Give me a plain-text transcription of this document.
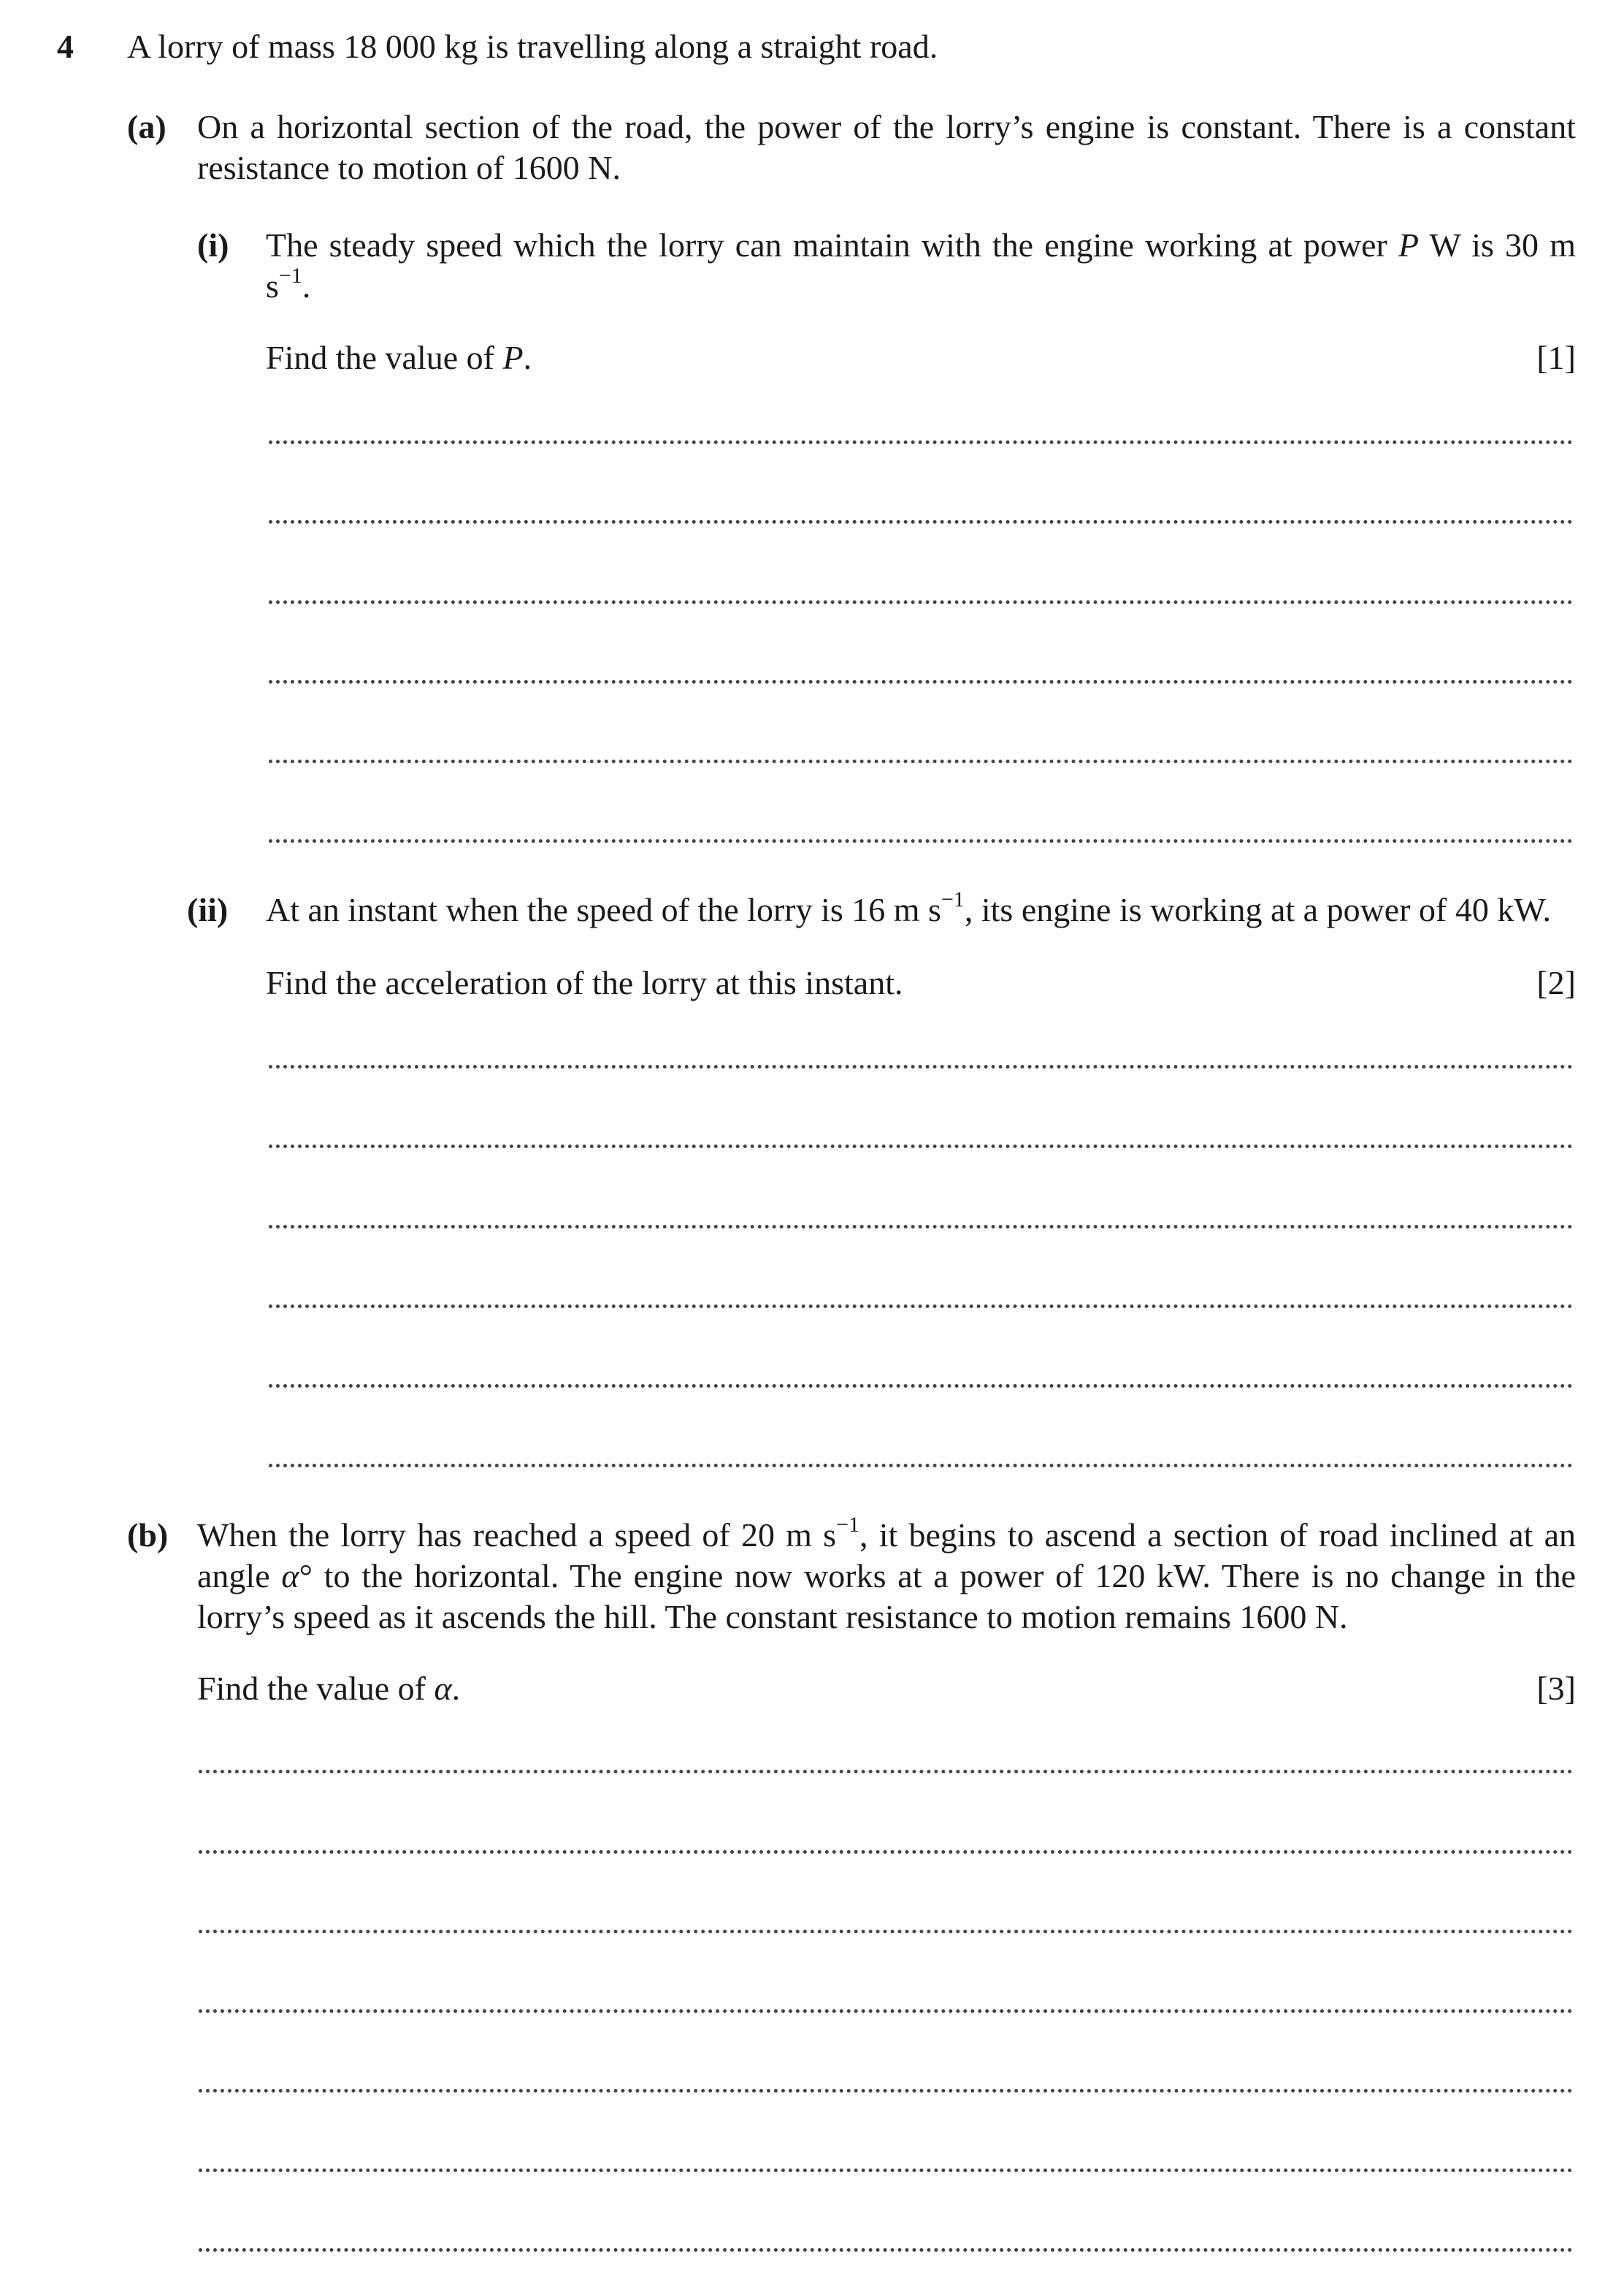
4 A lorry of mass 18 000 kg is travelling along a straight road.
(a) On a horizontal section of the road, the power of the lorry’s engine is constant. There is a constant resistance to motion of 1600 N.
(i) The steady speed which the lorry can maintain with the engine working at power P W is 30 m $s^{-1}$.
Find the value of P.	[1]
(ii) At an instant when the speed of the lorry is 16 m $s^{-1}$, its engine is working at a power of 40 kW.
Find the acceleration of the lorry at this instant.	[2]
(b) When the lorry has reached a speed of 20 m $s^{-1}$, it begins to ascend a section of road inclined at an angle α° to the horizontal. The engine now works at a power of 120 kW. There is no change in the lorry’s speed as it ascends the hill. The constant resistance to motion remains 1600 N.
Find the value of α.	[3]
